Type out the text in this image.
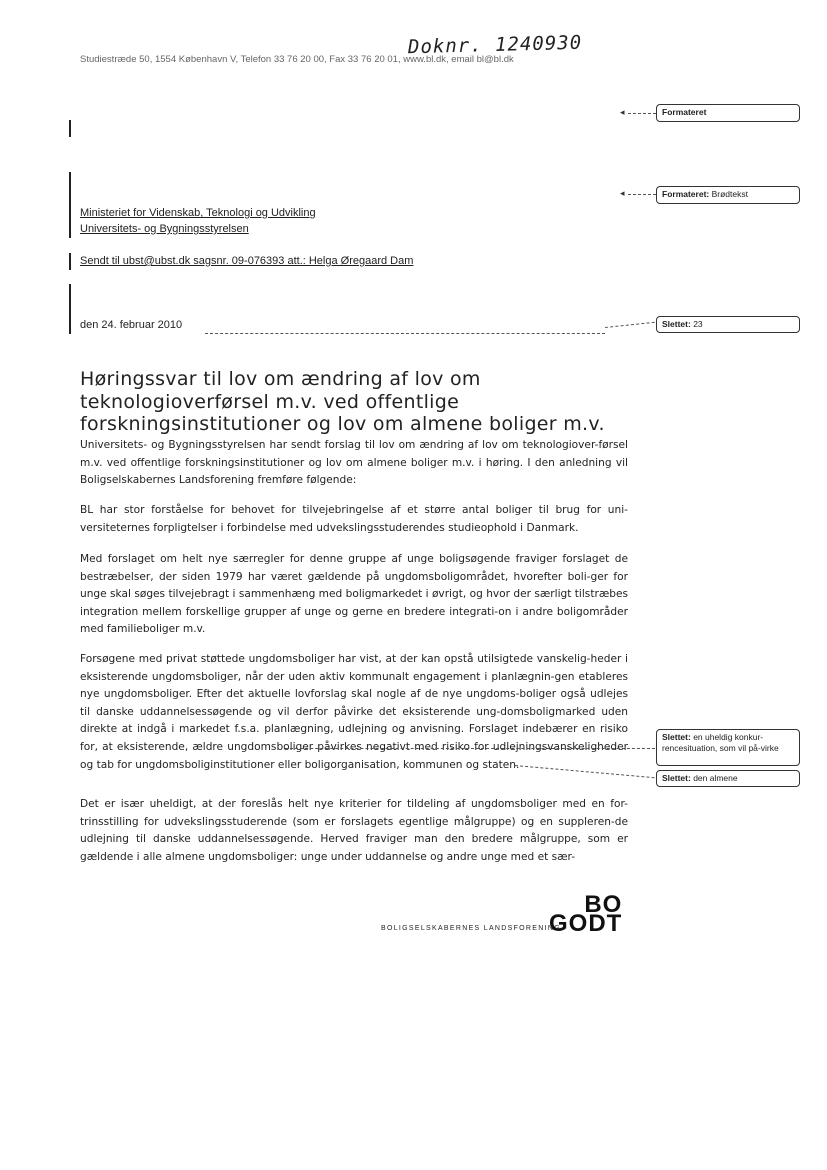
Doknr. 1240930
Studiestræde 50, 1554 København V, Telefon 33 76 20 00, Fax 33 76 20 01, www.bl.dk, email bl@bl.dk
Ministeriet for Videnskab, Teknologi og Udvikling
Universitets- og Bygningsstyrelsen
Sendt til ubst@ubst.dk sagsnr. 09-076393 att.: Helga Øregaard Dam
den 24. februar 2010
Høringssvar til lov om ændring af lov om teknologioverførsel m.v. ved offentlige forskningsinstitutioner og lov om almene boliger m.v.
Universitets- og Bygningsstyrelsen har sendt forslag til lov om ændring af lov om teknologiover-førsel m.v. ved offentlige forskningsinstitutioner og lov om almene boliger m.v. i høring. I den anledning vil Boligselskabernes Landsforening fremføre følgende:
BL har stor forståelse for behovet for tilvejebringelse af et større antal boliger til brug for uni-versiteternes forpligtelser i forbindelse med udvekslingsstuderendes studieophold i Danmark.
Med forslaget om helt nye særregler for denne gruppe af unge boligsøgende fraviger forslaget de bestræbelser, der siden 1979 har været gældende på ungdomsboligområdet, hvorefter boli-ger for unge skal søges tilvejebragt i sammenhæng med boligmarkedet i øvrigt, og hvor der særligt tilstræbes integration mellem forskellige grupper af unge og gerne en bredere integrati-on i andre boligområder med familieboliger m.v.
Forsøgene med privat støttede ungdomsboliger har vist, at der kan opstå utilsigtede vanskelig-heder i eksisterende ungdomsboliger, når der uden aktiv kommunalt engagement i planlægnin-gen etableres nye ungdomsboliger. Efter det aktuelle lovforslag skal nogle af de nye ungdoms-boliger også udlejes til danske uddannelsessøgende og vil derfor påvirke det eksisterende ung-domsboligmarked uden direkte at indgå i markedet f.s.a. planlægning, udlejning og anvisning. Forslaget indebærer en risiko for, at eksisterende, ældre ungdomsboliger påvirkes negativt med risiko for udlejningsvanskeligheder og tab for ungdomsboliginstitutioner eller boligorganisation, kommunen og staten.
Det er især uheldigt, at der foreslås helt nye kriterier for tildeling af ungdomsboliger med en for-trinsstilling for udvekslingsstuderende (som er forslagets egentlige målgruppe) og en suppleren-de udlejning til danske uddannelsessøgende. Herved fraviger man den bredere målgruppe, som er gældende i alle almene ungdomsboliger: unge under uddannelse og andre unge med et sær-
◂	Formateret
◂	Formateret: Brødtekst
Slettet: 23
Slettet: en uheldig konkur-rencesituation, som vil på-virke
Slettet: den almene
BOLIGSELSKABERNES LANDSFORENING
BO
GODT
